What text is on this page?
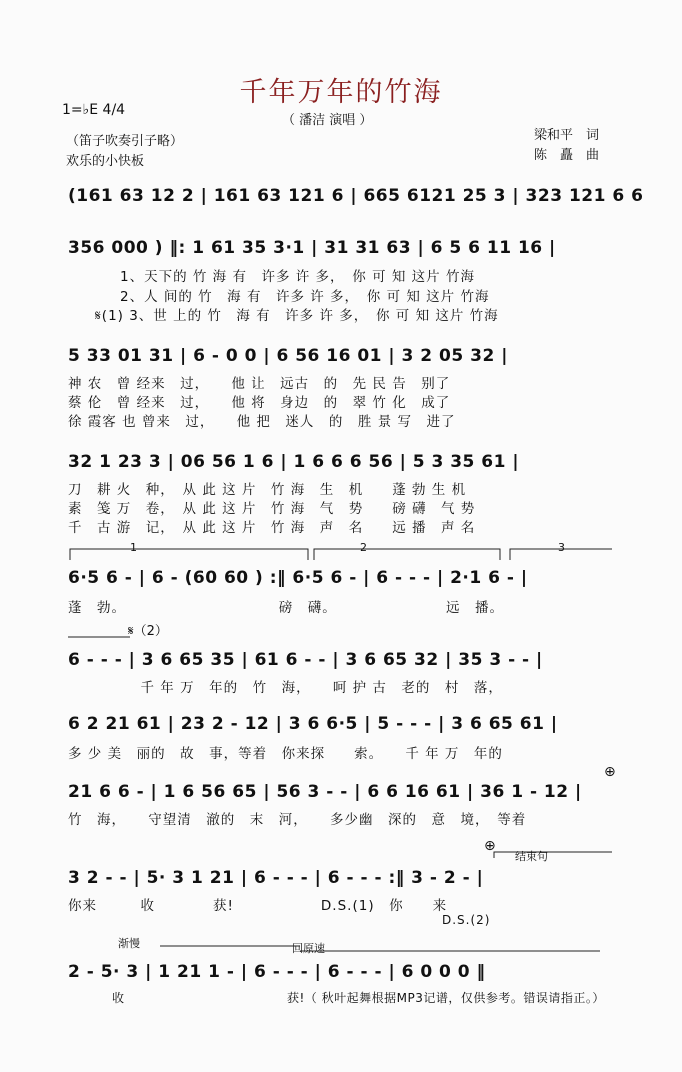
千年万年的竹海
1=♭E 4/4
（ 潘洁 演唱 ）
（笛子吹奏引子略）
欢乐的小快板
梁和平　词
陈　矗　曲
(161 63 12 2 | 161 63 121 6 | 665 6121 25 3 | 323 121 6 6
356 000 ) ‖: 1 61 35 3·1 | 31 31 63 | 6 5 6 11 16 |
1、天下的 竹 海 有　许多 许 多，　你 可 知 这片 竹海
2、人 间的 竹　海 有　许多 许 多，　你 可 知 这片 竹海
𝄋(1) 3、世 上的 竹　海 有　许多 许 多，　你 可 知 这片 竹海
5 33 01 31 | 6 - 0 0 | 6 56 16 01 | 3 2 05 32 |
神 农　曾 经来　过，　　他 让　远古　的　先 民 告　别了
蔡 伦　曾 经来　过，　　他 将　身边　的　翠 竹 化　成了
徐 霞客 也 曾来　过，　　他 把　迷人　的　胜 景 写　进了
32 1 23 3 | 06 56 1 6 | 1 6 6 6 56 | 5 3 35 61 |
刀　耕 火　种，　从 此 这 片　竹 海　生　机　　蓬 勃 生 机
素　笺 万　卷，　从 此 这 片　竹 海　气　势　　磅 礴　气 势
千　古 游　记，　从 此 这 片　竹 海　声　名　　远 播　声 名
1	2	3
6·5 6 - | 6 - (60 60 ) :‖ 6·5 6 - | 6 - - - | 2·1 6 - |
蓬　勃。　　　　　　　　　　　磅　礴。　　　　　　　　远　播。
𝄋（2）
6 - - - | 3 6 65 35 | 61 6 - - | 3 6 65 32 | 35 3 - - |
　　　　　千 年 万　年的　竹　海，　　呵 护 古　老的　村　落，
6 2 21 61 | 23 2 - 12 | 3 6 6·5 | 5 - - - | 3 6 65 61 |
多 少 美　丽的　故　事，等着　你来探　　索。　　千 年 万　年的
21 6 6 - | 1 6 56 65 | 56 3 - - | 6 6 16 61 | 36 1 - 12 |
竹　海，　　守望清　澈的　末　河，　　多少幽　深的　意　境，　等着
⊕
⊕
结束句
3 2 - - | 5· 3 1 21 | 6 - - - | 6 - - - :‖ 3 - 2 - |
你来　　　收　　　　获!　　　　　　D.S.(1)　你　　来
D.S.(2)
渐慢	回原速
2 - 5· 3 | 1 21 1 - | 6 - - - | 6 - - - | 6 0 0 0 ‖
收　　　　　　　　　　　　　获!（ 秋叶起舞根据MP3记谱，仅供参考。错误请指正。）
